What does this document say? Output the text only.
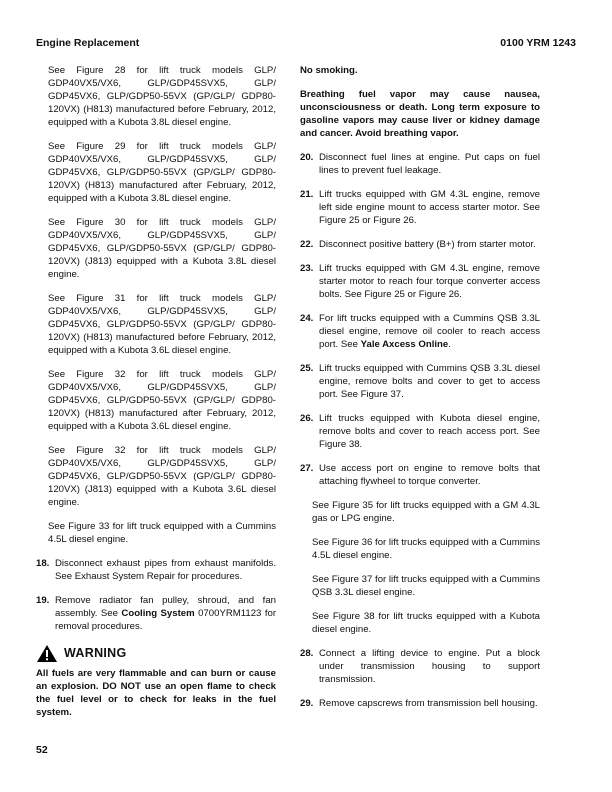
Engine Replacement	0100 YRM 1243

See Figure 28 for lift truck models GLP/ GDP40VX5/VX6, GLP/GDP45SVX5, GLP/ GDP45VX6, GLP/GDP50-55VX (GP/GLP/ GDP80-120VX) (H813) manufactured before February, 2012, equipped with a Kubota 3.8L diesel engine.

See Figure 29 for lift truck models GLP/ GDP40VX5/VX6, GLP/GDP45SVX5, GLP/ GDP45VX6, GLP/GDP50-55VX (GP/GLP/ GDP80-120VX) (H813) manufactured after February, 2012, equipped with a Kubota 3.8L diesel engine.

See Figure 30 for lift truck models GLP/ GDP40VX5/VX6, GLP/GDP45SVX5, GLP/ GDP45VX6, GLP/GDP50-55VX (GP/GLP/ GDP80-120VX) (J813) equipped with a Kubota 3.8L diesel engine.

See Figure 31 for lift truck models GLP/ GDP40VX5/VX6, GLP/GDP45SVX5, GLP/ GDP45VX6, GLP/GDP50-55VX (GP/GLP/ GDP80-120VX) (H813) manufactured before February, 2012, equipped with a Kubota 3.6L diesel engine.

See Figure 32 for lift truck models GLP/ GDP40VX5/VX6, GLP/GDP45SVX5, GLP/ GDP45VX6, GLP/GDP50-55VX (GP/GLP/ GDP80-120VX) (H813) manufactured after February, 2012, equipped with a Kubota 3.6L diesel engine.

See Figure 32 for lift truck models GLP/ GDP40VX5/VX6, GLP/GDP45SVX5, GLP/ GDP45VX6, GLP/GDP50-55VX (GP/GLP/ GDP80-120VX) (J813) equipped with a Kubota 3.6L diesel engine.

See Figure 33 for lift truck equipped with a Cummins 4.5L diesel engine.

18. Disconnect exhaust pipes from exhaust manifolds. See Exhaust System Repair for procedures.
19. Remove radiator fan pulley, shroud, and fan assembly. See Cooling System 0700YRM1123 for removal procedures.
WARNING
All fuels are very flammable and can burn or cause an explosion. DO NOT use an open flame to check the fuel level or to check for leaks in the fuel system.

No smoking.

Breathing fuel vapor may cause nausea, unconsciousness or death. Long term exposure to gasoline vapors may cause liver or kidney damage and cancer. Avoid breathing vapor.

20. Disconnect fuel lines at engine. Put caps on fuel lines to prevent fuel leakage.
21. Lift trucks equipped with GM 4.3L engine, remove left side engine mount to access starter motor. See Figure 25 or Figure 26.
22. Disconnect positive battery (B+) from starter motor.
23. Lift trucks equipped with GM 4.3L engine, remove starter motor to reach four torque converter access bolts. See Figure 25 or Figure 26.
24. For lift trucks equipped with a Cummins QSB 3.3L diesel engine, remove oil cooler to reach access port. See Yale Axcess Online.
25. Lift trucks equipped with Cummins QSB 3.3L diesel engine, remove bolts and cover to get to access port. See Figure 37.
26. Lift trucks equipped with Kubota diesel engine, remove bolts and cover to reach access port. See Figure 38.
27. Use access port on engine to remove bolts that attaching flywheel to torque converter.

See Figure 35 for lift trucks equipped with a GM 4.3L gas or LPG engine.

See Figure 36 for lift trucks equipped with a Cummins 4.5L diesel engine.

See Figure 37 for lift trucks equipped with a Cummins QSB 3.3L diesel engine.

See Figure 38 for lift trucks equipped with a Kubota diesel engine.

28. Connect a lifting device to engine. Put a block under transmission housing to support transmission.
29. Remove capscrews from transmission bell housing.
52
